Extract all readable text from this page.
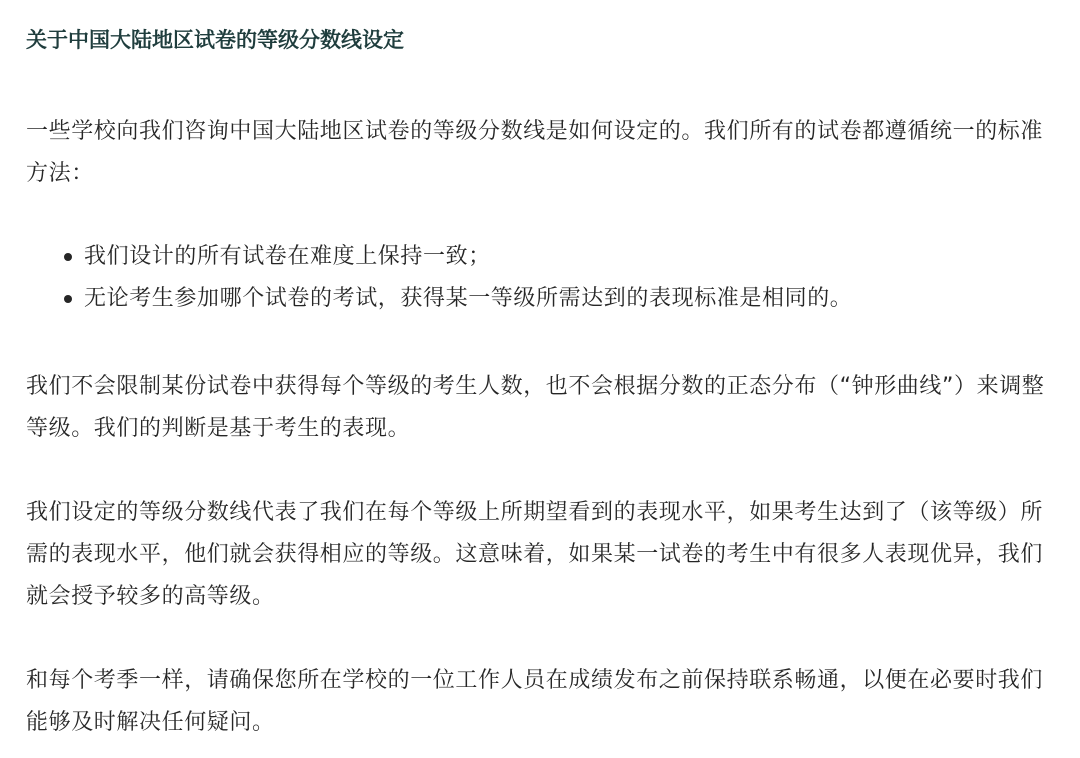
关于中国大陆地区试卷的等级分数线设定

一些学校向我们咨询中国大陆地区试卷的等级分数线是如何设定的。我们所有的试卷都遵循统一的标准方法：

我们设计的所有试卷在难度上保持一致；
无论考生参加哪个试卷的考试，获得某一等级所需达到的表现标准是相同的。

我们不会限制某份试卷中获得每个等级的考生人数，也不会根据分数的正态分布（“钟形曲线”）来调整等级。我们的判断是基于考生的表现。

我们设定的等级分数线代表了我们在每个等级上所期望看到的表现水平，如果考生达到了（该等级）所需的表现水平，他们就会获得相应的等级。这意味着，如果某一试卷的考生中有很多人表现优异，我们就会授予较多的高等级。

和每个考季一样，请确保您所在学校的一位工作人员在成绩发布之前保持联系畅通，以便在必要时我们能够及时解决任何疑问。
